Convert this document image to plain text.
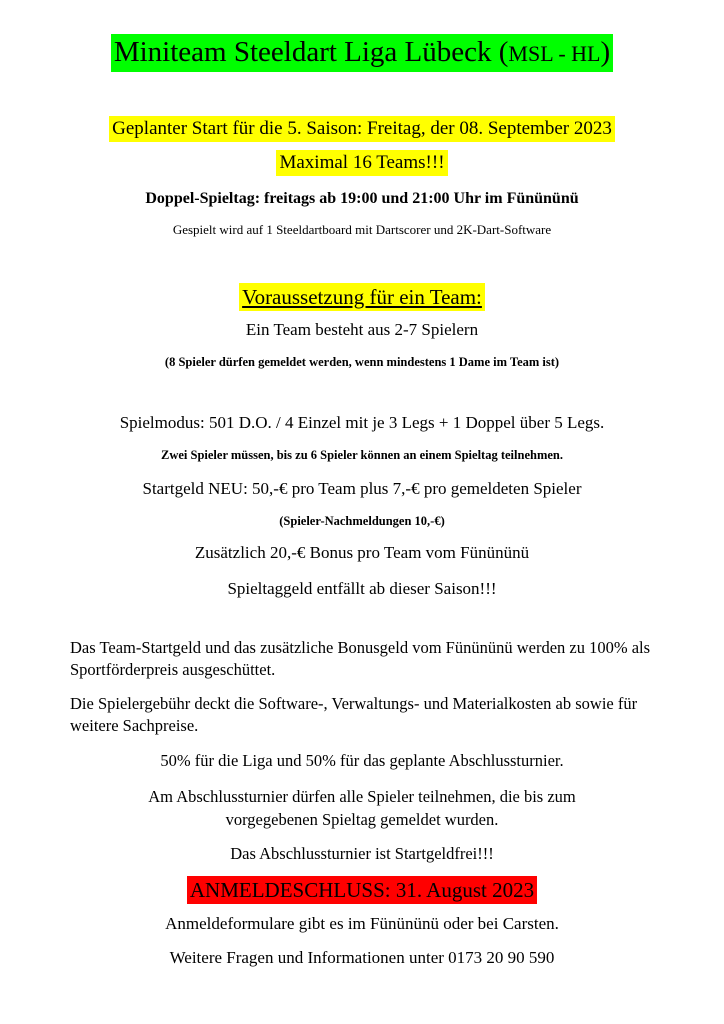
Miniteam Steeldart Liga Lübeck (MSL - HL)
Geplanter Start für die 5. Saison: Freitag, der 08. September 2023
Maximal 16 Teams!!!
Doppel-Spieltag: freitags ab 19:00 und 21:00 Uhr im Fünününü
Gespielt wird auf 1 Steeldartboard mit Dartscorer und 2K-Dart-Software
Voraussetzung für ein Team:
Ein Team besteht aus 2-7 Spielern
(8 Spieler dürfen gemeldet werden, wenn mindestens 1 Dame im Team ist)
Spielmodus: 501 D.O. / 4 Einzel mit je 3 Legs + 1 Doppel über 5 Legs.
Zwei Spieler müssen, bis zu 6 Spieler können an einem Spieltag teilnehmen.
Startgeld NEU: 50,-€ pro Team plus 7,-€ pro gemeldeten Spieler
(Spieler-Nachmeldungen 10,-€)
Zusätzlich 20,-€ Bonus pro Team vom Fünününü
Spieltaggeld entfällt ab dieser Saison!!!
Das Team-Startgeld und das zusätzliche Bonusgeld vom Fünününü werden zu 100% als Sportförderpreis ausgeschüttet.
Die Spielergebühr deckt die Software-, Verwaltungs- und Materialkosten ab sowie für weitere Sachpreise.
50% für die Liga und 50% für das geplante Abschlussturnier.
Am Abschlussturnier dürfen alle Spieler teilnehmen, die bis zum
vorgegebenen Spieltag gemeldet wurden.
Das Abschlussturnier ist Startgeldfrei!!!
ANMELDESCHLUSS: 31. August 2023
Anmeldeformulare gibt es im Fünününü oder bei Carsten.
Weitere Fragen und Informationen unter 0173 20 90 590
